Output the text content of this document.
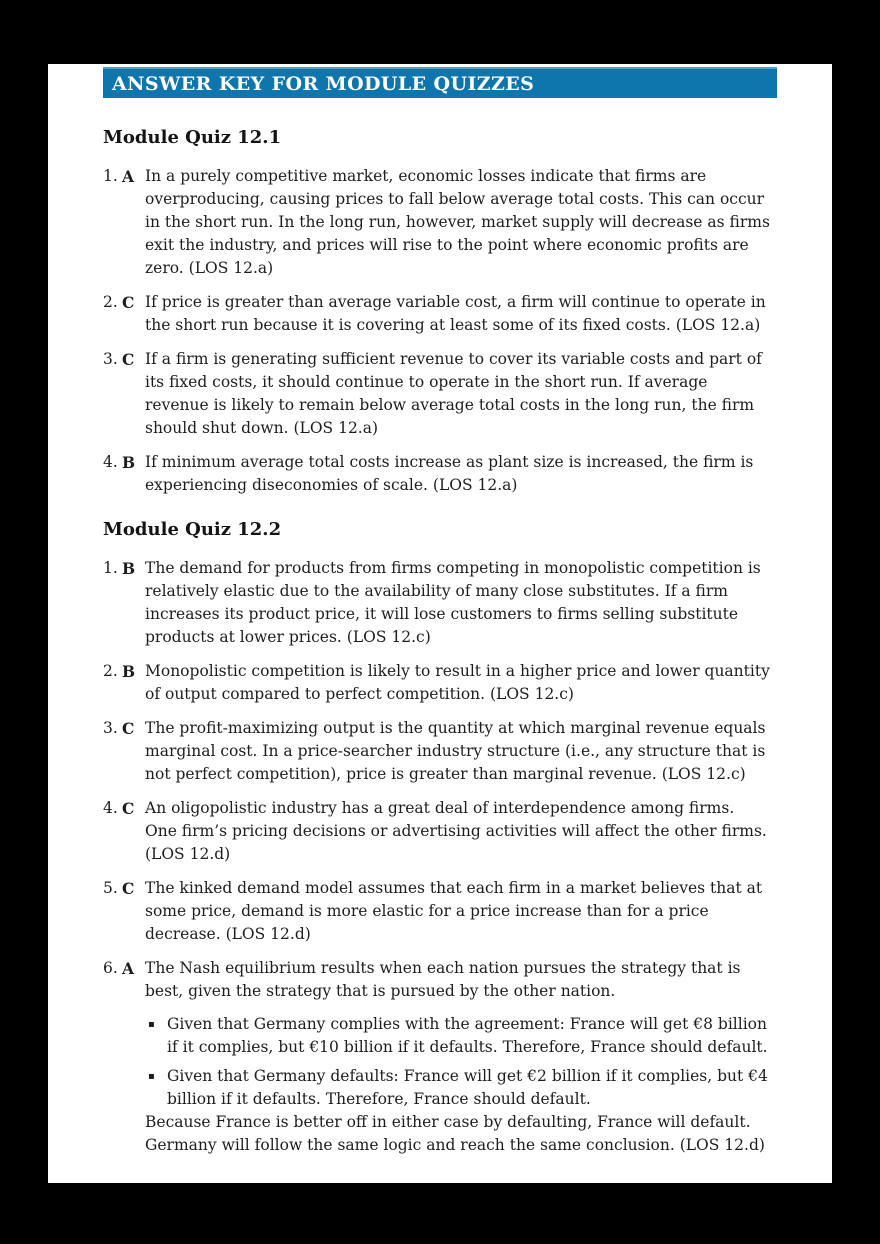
ANSWER KEY FOR MODULE QUIZZES
Module Quiz 12.1
1. A In a purely competitive market, economic losses indicate that firms are overproducing, causing prices to fall below average total costs. This can occur in the short run. In the long run, however, market supply will decrease as firms exit the industry, and prices will rise to the point where economic profits are zero. (LOS 12.a)
2. C If price is greater than average variable cost, a firm will continue to operate in the short run because it is covering at least some of its fixed costs. (LOS 12.a)
3. C If a firm is generating sufficient revenue to cover its variable costs and part of its fixed costs, it should continue to operate in the short run. If average revenue is likely to remain below average total costs in the long run, the firm should shut down. (LOS 12.a)
4. B If minimum average total costs increase as plant size is increased, the firm is experiencing diseconomies of scale. (LOS 12.a)
Module Quiz 12.2
1. B The demand for products from firms competing in monopolistic competition is relatively elastic due to the availability of many close substitutes. If a firm increases its product price, it will lose customers to firms selling substitute products at lower prices. (LOS 12.c)
2. B Monopolistic competition is likely to result in a higher price and lower quantity of output compared to perfect competition. (LOS 12.c)
3. C The profit-maximizing output is the quantity at which marginal revenue equals marginal cost. In a price-searcher industry structure (i.e., any structure that is not perfect competition), price is greater than marginal revenue. (LOS 12.c)
4. C An oligopolistic industry has a great deal of interdependence among firms. One firm’s pricing decisions or advertising activities will affect the other firms. (LOS 12.d)
5. C The kinked demand model assumes that each firm in a market believes that at some price, demand is more elastic for a price increase than for a price decrease. (LOS 12.d)
6. A The Nash equilibrium results when each nation pursues the strategy that is best, given the strategy that is pursued by the other nation.

▪ Given that Germany complies with the agreement: France will get €8 billion if it complies, but €10 billion if it defaults. Therefore, France should default.
▪ Given that Germany defaults: France will get €2 billion if it complies, but €4 billion if it defaults. Therefore, France should default.

Because France is better off in either case by defaulting, France will default. Germany will follow the same logic and reach the same conclusion. (LOS 12.d)
